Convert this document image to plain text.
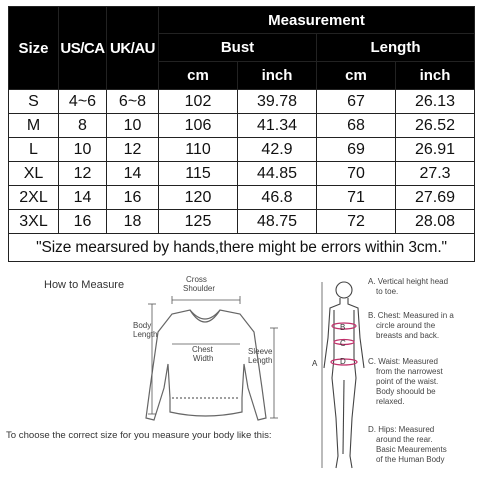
Size	US/CA	UK/AU	Measurement			
			Bust		Length	
			cm	inch	cm	inch
S	4~6	6~8	102	39.78	67	26.13
M	8	10	106	41.34	68	26.52
L	10	12	110	42.9	69	26.91
XL	12	14	115	44.85	70	27.3
2XL	14	16	120	46.8	71	27.69
3XL	16	18	125	48.75	72	28.08
"Size mearsured by hands,there might be errors within 3cm."						
How to Measure	Cross
Shoulder
Body
Length
Chest
Width
Sleeve
Length
To choose the correct size for you measure your body like this:
A
B
C
D
A. Vertical height head
to toe.
B. Chest: Measured in a
circle around the
breasts and back.
C. Waist: Measured
from the narrowest
point of the waist.
Body shoould be
relaxed.
D. Hips: Measured
around the rear.
Basic Meaurements
of the Human Body
